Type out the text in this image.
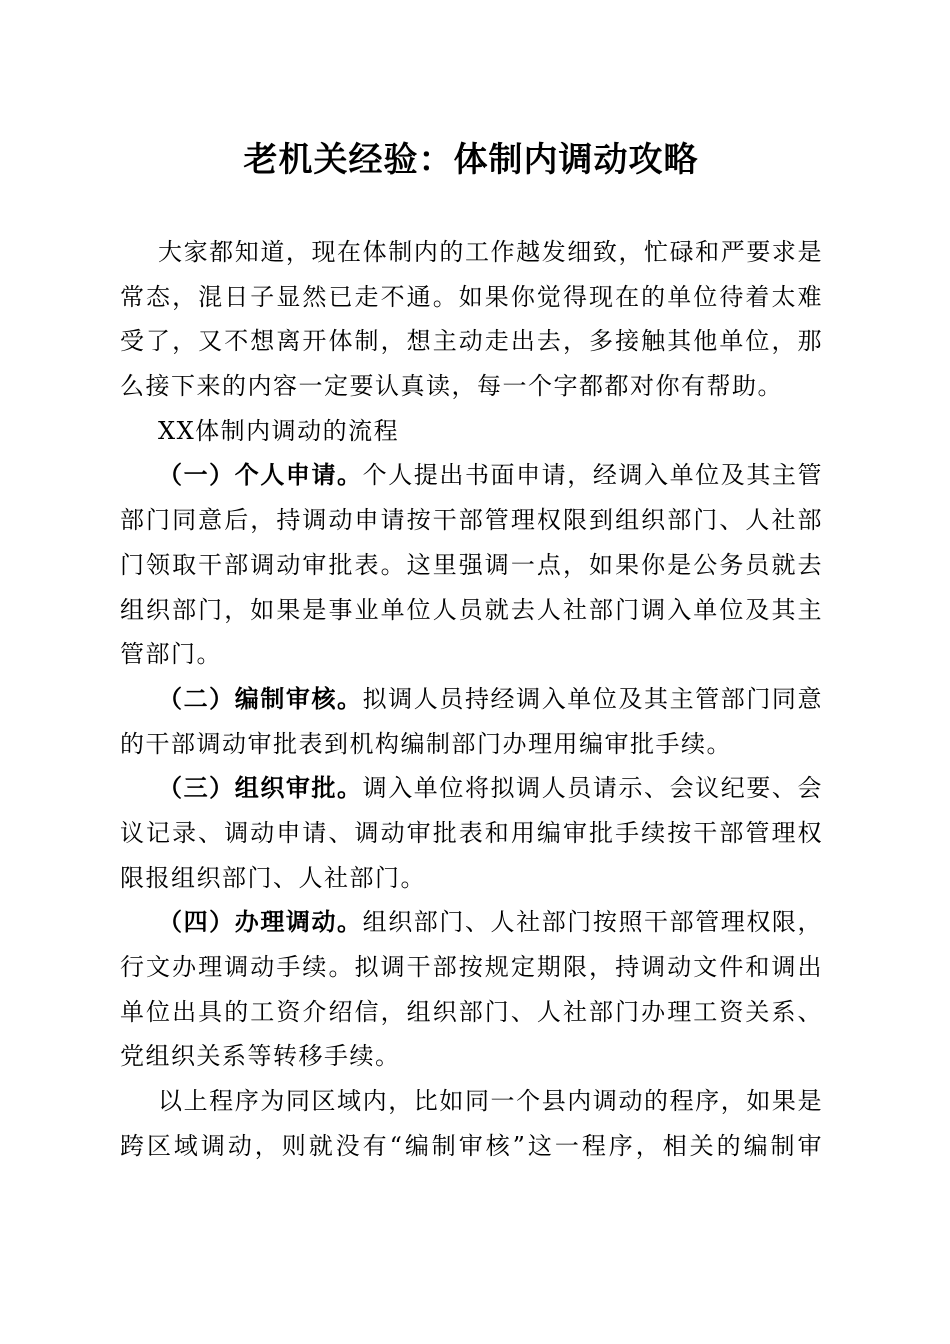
老机关经验：体制内调动攻略
大家都知道，现在体制内的工作越发细致，忙碌和严要求是
常态，混日子显然已走不通。如果你觉得现在的单位待着太难
受了，又不想离开体制，想主动走出去，多接触其他单位，那
么接下来的内容一定要认真读，每一个字都都对你有帮助。
XX体制内调动的流程
（一）个人申请。个人提出书面申请，经调入单位及其主管
部门同意后，持调动申请按干部管理权限到组织部门、人社部
门领取干部调动审批表。这里强调一点，如果你是公务员就去
组织部门，如果是事业单位人员就去人社部门调入单位及其主
管部门。
（二）编制审核。拟调人员持经调入单位及其主管部门同意
的干部调动审批表到机构编制部门办理用编审批手续。
（三）组织审批。调入单位将拟调人员请示、会议纪要、会
议记录、调动申请、调动审批表和用编审批手续按干部管理权
限报组织部门、人社部门。
（四）办理调动。组织部门、人社部门按照干部管理权限，
行文办理调动手续。拟调干部按规定期限，持调动文件和调出
单位出具的工资介绍信，组织部门、人社部门办理工资关系、
党组织关系等转移手续。
以上程序为同区域内，比如同一个县内调动的程序，如果是
跨区域调动，则就没有“编制审核”这一程序，相关的编制审
